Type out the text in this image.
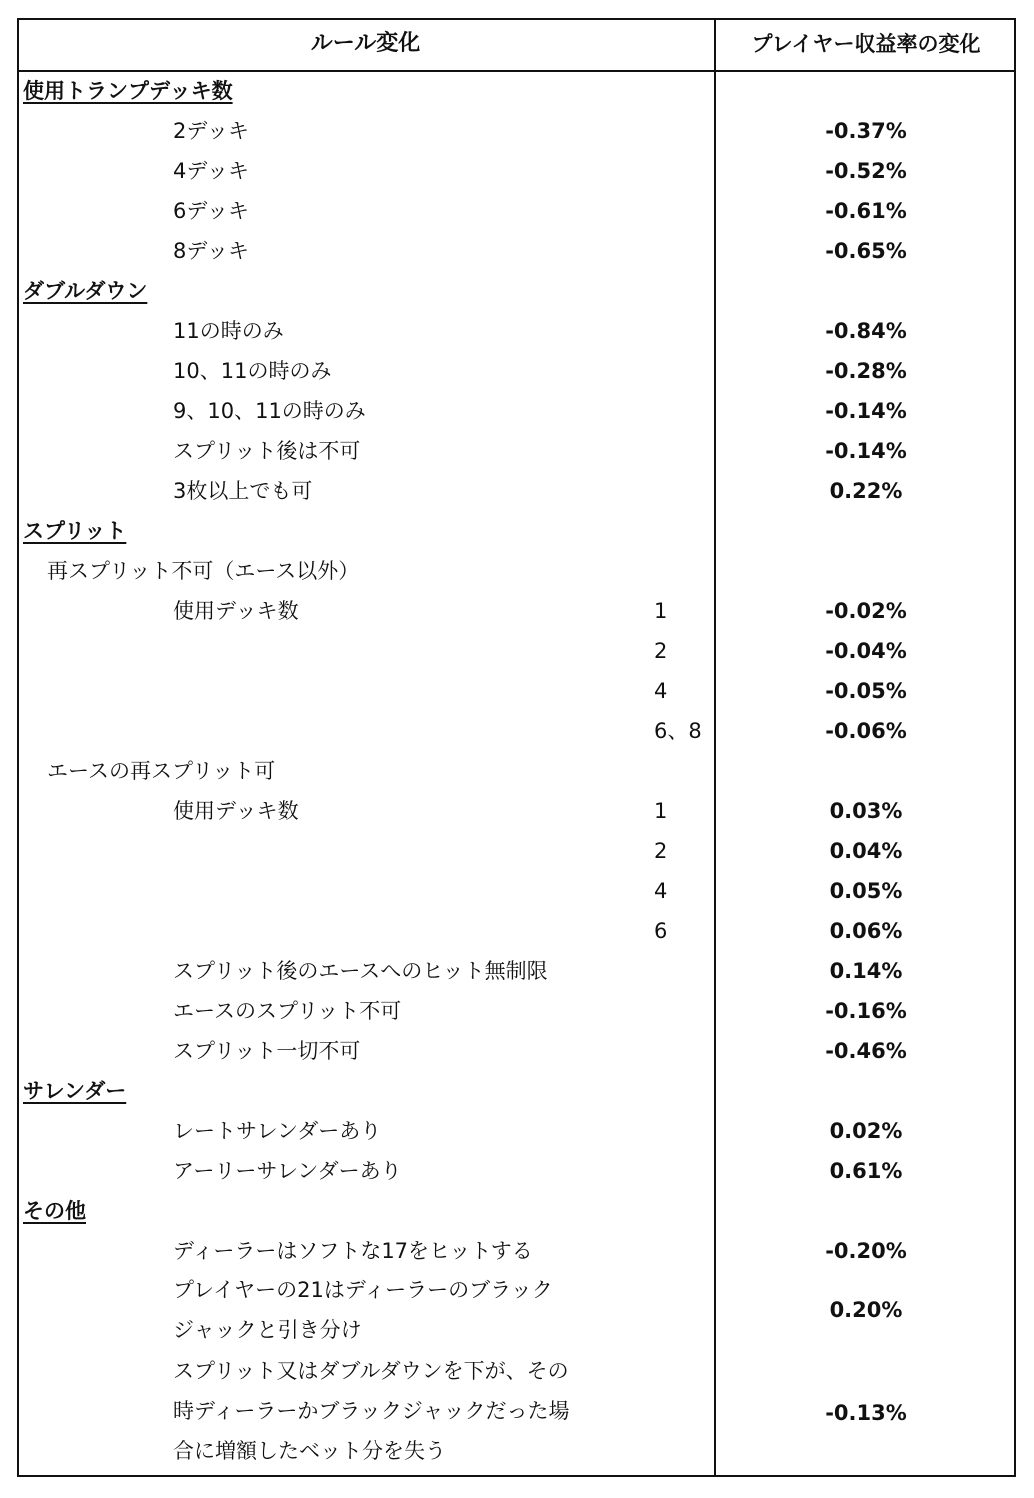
ルール変化	プレイヤー収益率の変化
使用トランプデッキ数
2デッキ	-0.37%
4デッキ	-0.52%
6デッキ	-0.61%
8デッキ	-0.65%
ダブルダウン
11の時のみ	-0.84%
10、11の時のみ	-0.28%
9、10、11の時のみ	-0.14%
スプリット後は不可	-0.14%
3枚以上でも可	0.22%
スプリット
再スプリット不可（エース以外）
使用デッキ数	1	-0.02%
2	-0.04%
4	-0.05%
6、8	-0.06%
エースの再スプリット可
使用デッキ数	1	0.03%
2	0.04%
4	0.05%
6	0.06%
スプリット後のエースへのヒット無制限	0.14%
エースのスプリット不可	-0.16%
スプリット一切不可	-0.46%
サレンダー
レートサレンダーあり	0.02%
アーリーサレンダーあり	0.61%
その他
ディーラーはソフトな17をヒットする	-0.20%
プレイヤーの21はディーラーのブラック
ジャックと引き分け
0.20%
スプリット又はダブルダウンを下が、その
時ディーラーかブラックジャックだった場
合に増額したベット分を失う
-0.13%
